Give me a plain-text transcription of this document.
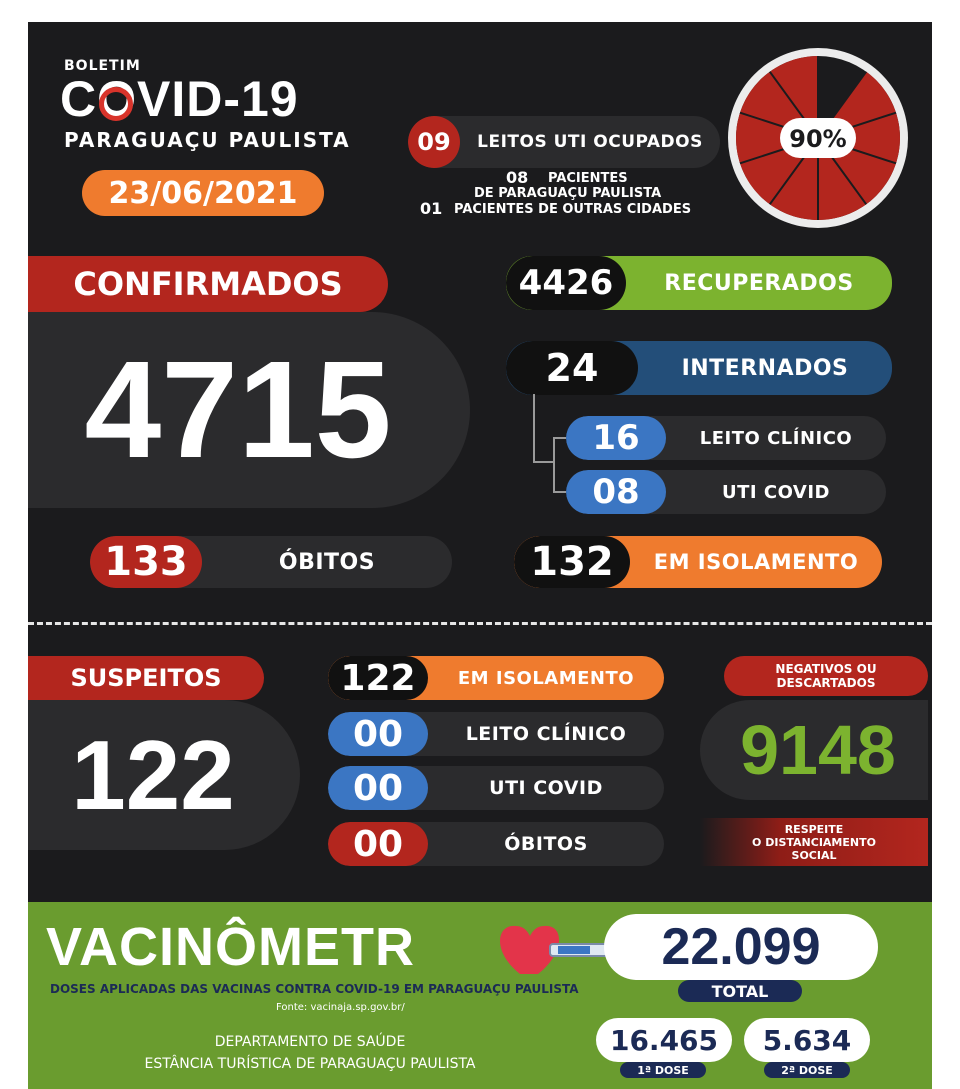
BOLETIM
COVID-19
PARAGUAÇU PAULISTA
23/06/2021
09	LEITOS UTI OCUPADOS
08 PACIENTES
DE PARAGUAÇU PAULISTA
01 PACIENTES DE OUTRAS CIDADES
90%
CONFIRMADOS
4715
4426	RECUPERADOS
24	INTERNADOS
16	LEITO CLÍNICO
08	UTI COVID
133	ÓBITOS	132	EM ISOLAMENTO
SUSPEITOS
122
122	EM ISOLAMENTO
00	LEITO CLÍNICO
00	UTI COVID
00	ÓBITOS
NEGATIVOS OU
DESCARTADOS
9148
RESPEITE
O DISTANCIAMENTO
SOCIAL
VACINÔMETR
DOSES APLICADAS DAS VACINAS CONTRA COVID-19 EM PARAGUAÇU PAULISTA
Fonte: vacinaja.sp.gov.br/
22.099
TOTAL
16.465
1ª DOSE
5.634
2ª DOSE
DEPARTAMENTO DE SAÚDE
ESTÂNCIA TURÍSTICA DE PARAGUAÇU PAULISTA
